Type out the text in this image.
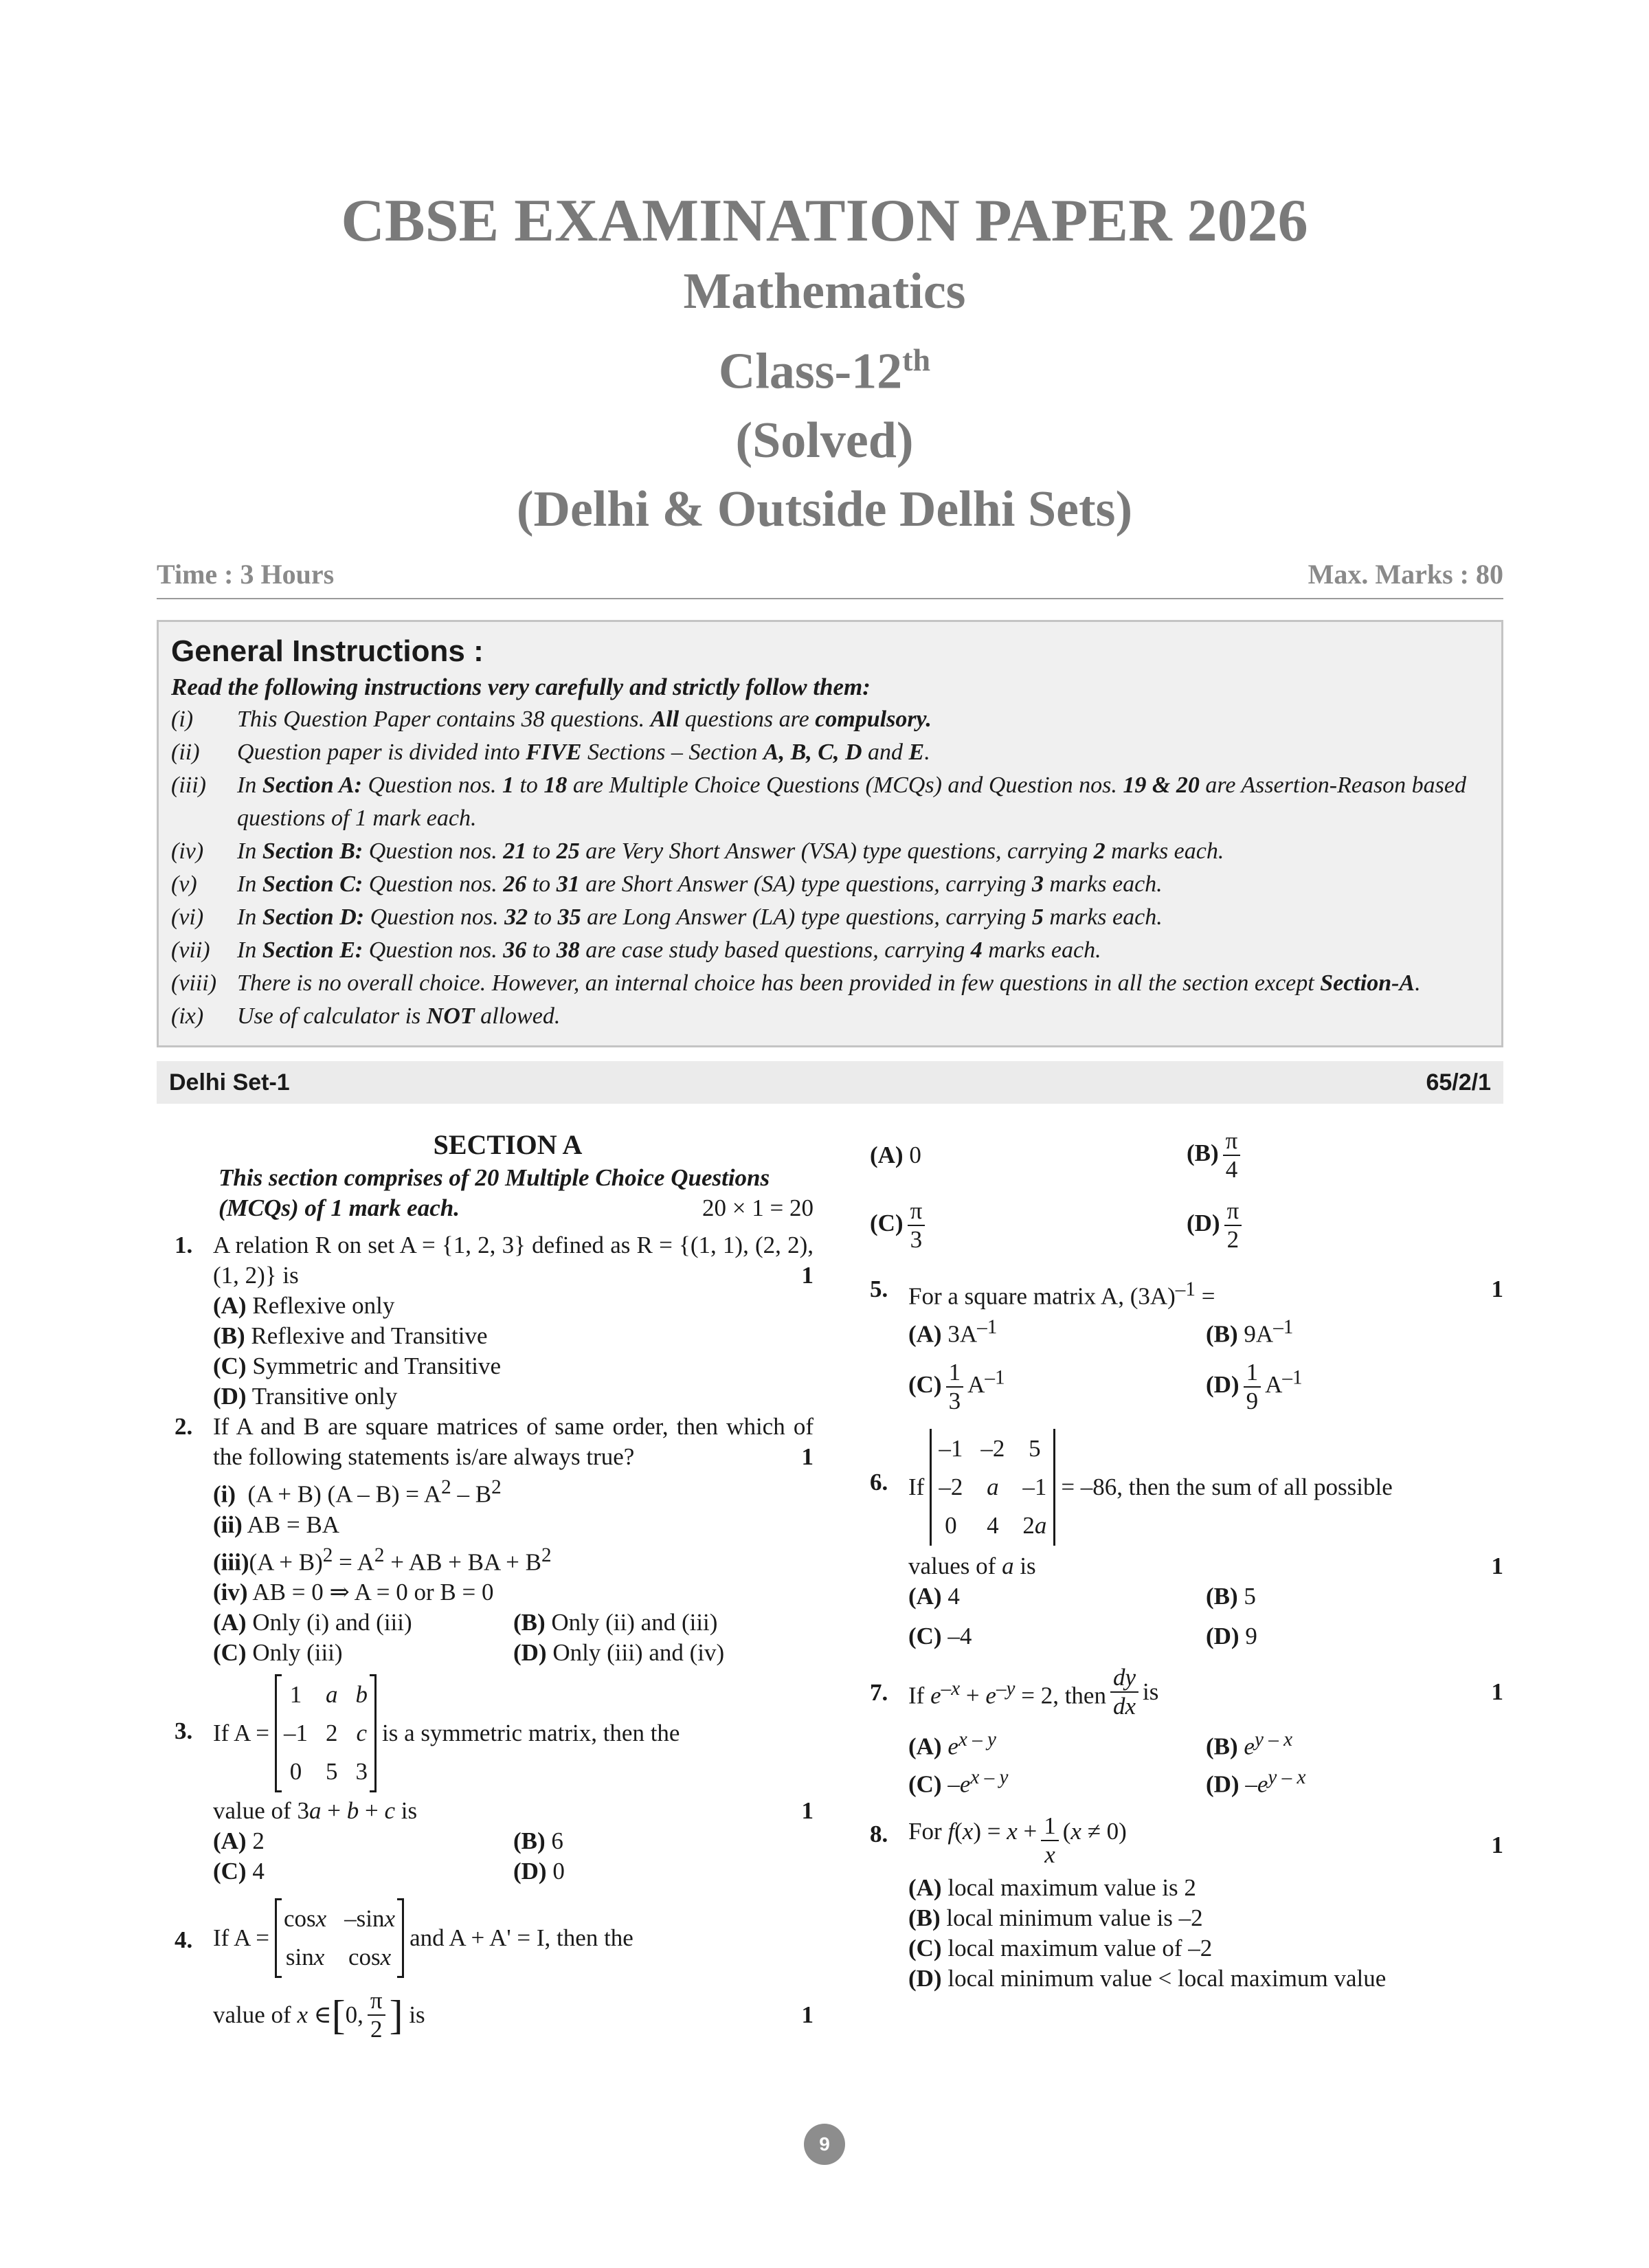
CBSE EXAMINATION PAPER 2026
Mathematics
Class-12th
(Solved)
(Delhi & Outside Delhi Sets)
Time : 3 Hours	Max. Marks : 80
General Instructions :
Read the following instructions very carefully and strictly follow them:
(i)	This Question Paper contains 38 questions. All questions are compulsory.
(ii)	Question paper is divided into FIVE Sections – Section A, B, C, D and E.
(iii)	In Section A: Question nos. 1 to 18 are Multiple Choice Questions (MCQs) and Question nos. 19 & 20 are Assertion-Reason based questions of 1 mark each.
(iv)	In Section B: Question nos. 21 to 25 are Very Short Answer (VSA) type questions, carrying 2 marks each.
(v)	In Section C: Question nos. 26 to 31 are Short Answer (SA) type questions, carrying 3 marks each.
(vi)	In Section D: Question nos. 32 to 35 are Long Answer (LA) type questions, carrying 5 marks each.
(vii)	In Section E: Question nos. 36 to 38 are case study based questions, carrying 4 marks each.
(viii) There is no overall choice. However, an internal choice has been provided in few questions in all the section except Section-A.
(ix)	Use of calculator is NOT allowed.
Delhi Set-1	65/2/1
SECTION A
This section comprises of 20 Multiple Choice Questions (MCQs) of 1 mark each.	20 × 1 = 20
1. A relation R on set A = {1, 2, 3} defined as R = {(1, 1), (2, 2), (1, 2)} is	1
(A) Reflexive only
(B) Reflexive and Transitive
(C) Symmetric and Transitive
(D) Transitive only
2. If A and B are square matrices of same order, then which of the following statements is/are always true?	1
(i)  (A + B) $(A - B) = A^2 - B^2$
(ii) AB = BA
$(iii)(A + B)^2 = A^2$ + AB + BA + $B^2$
(iv) AB = 0 ⇒ A = 0 or B = 0
(A) Only (i) and (iii)	(B) Only (ii) and (iii)
(C) Only (iii)	(D) Only (iii) and (iv)
3. If A =
1 a b
–1 2 c
0 5 3
is a symmetric matrix, then the
value of 3a + b + c is	1
(A) 2	(B) 6
(C) 4	(D) 0
4. If A =
cosx –sinx
sinx cosx
and A + A' = I, then the
value of x ∈ [ 0, $\frac{\pi}{2}$ ] is	1
(A) 0	$(B) \frac{\pi}{4}$
$(C) \frac{\pi}{3}$	$(D) \frac{\pi}{2}$
5. For a square matrix A, $(3A)^{-1}$ =	1
(A) $3A^{-1}$	(B) $9A^{-1}$
$(C) \frac{1}{3} A^{-1}$	$(D) \frac{1}{9} A^{-1}$
6. If
–1 –2 5
–2 a –1
0 4 2a
= –86, then the sum of all possible
values of a is	1
(A) 4	(B) 5
(C) –4	(D) 9
7. If $e^{-x} + e^{-y} = 2$, then $\frac{dy}{dx}$ is	1
(A) $e^{x - y}$	(B) $e^{y - x}$
(C) $-e^{x - y}$	(D) $-e^{y - x}$
8. For $f(x) = x + \frac{1}{x} (x \ne 0)$
1
(A) local maximum value is 2
(B) local minimum value is –2
(C) local maximum value of –2
(D) local minimum value < local maximum value
9
